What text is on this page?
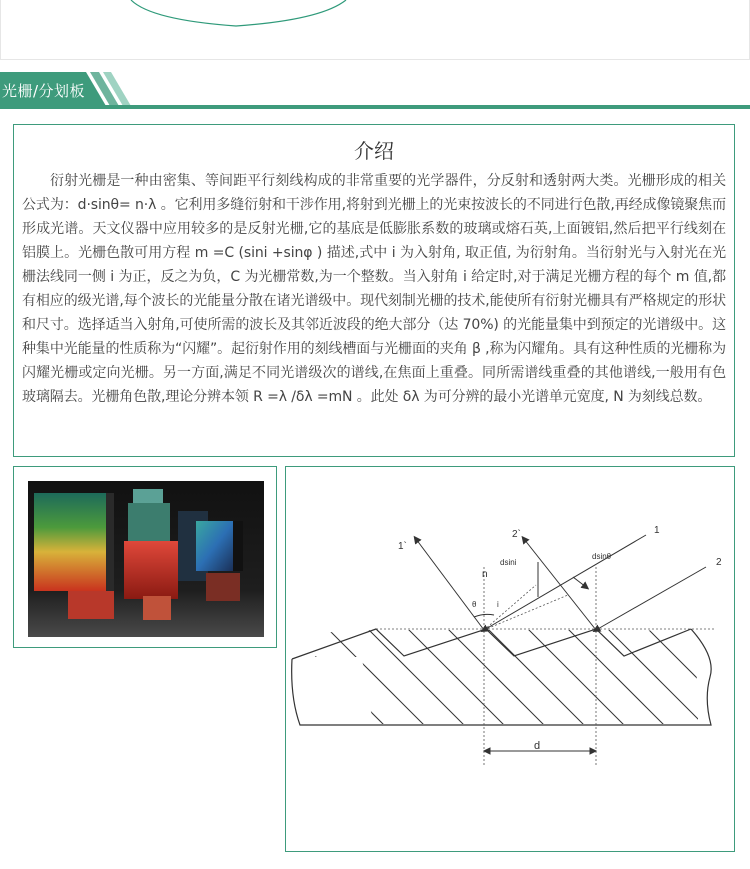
光栅/分划板
介绍

衍射光栅是一种由密集、等间距平行刻线构成的非常重要的光学器件，分反射和透射两大类。光栅形成的相关公式为：d·sinθ= n·λ 。它利用多缝衍射和干涉作用,将射到光栅上的光束按波长的不同进行色散,再经成像镜聚焦而形成光谱。天文仪器中应用较多的是反射光栅,它的基底是低膨胀系数的玻璃或熔石英,上面镀铝,然后把平行线刻在铝膜上。光栅色散可用方程 m =C (sini +sinφ ) 描述,式中 i 为入射角, 取正值, 为衍射角。当衍射光与入射光在光栅法线同一侧 i 为正，反之为负，C 为光栅常数,为一个整数。当入射角 i 给定时,对于满足光栅方程的每个 m 值,都有相应的级光谱,每个波长的光能量分散在诸光谱级中。现代刻制光栅的技术,能使所有衍射光栅具有严格规定的形状和尺寸。选择适当入射角,可使所需的波长及其邻近波段的绝大部分（达 70%) 的光能量集中到预定的光谱级中。这种集中光能量的性质称为“闪耀”。起衍射作用的刻线槽面与光栅面的夹角 β ,称为闪耀角。具有这种性质的光栅称为闪耀光栅或定向光栅。另一方面,满足不同光谱级次的谱线,在焦面上重叠。同所需谱线重叠的其他谱线,一般用有色玻璃隔去。光栅角色散,理论分辨本领 R =λ /δλ =mN 。此处 δλ 为可分辨的最小光谱单元宽度, N 为刻线总数。

1
2
1`
2`
n
dsini
dsinθ
θ	i
d
